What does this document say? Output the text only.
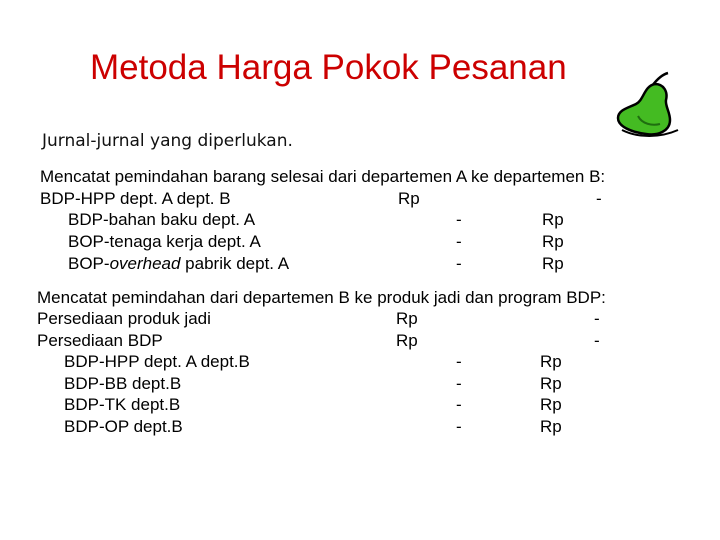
Metoda Harga Pokok Pesanan
Jurnal-jurnal yang diperlukan.
Mencatat pemindahan barang selesai dari departemen A ke departemen B:
BDP-HPP dept. A dept. B	Rp	-
BDP-bahan baku dept. A	-	Rp
BOP-tenaga kerja dept. A	-	Rp
BOP-overhead pabrik dept. A	-	Rp
Mencatat pemindahan dari departemen B ke produk jadi dan program BDP:
Persediaan produk jadi	Rp	-
Persediaan BDP	Rp	-
BDP-HPP dept. A dept.B	-	Rp
BDP-BB dept.B	-	Rp
BDP-TK dept.B	-	Rp
BDP-OP dept.B	-	Rp
